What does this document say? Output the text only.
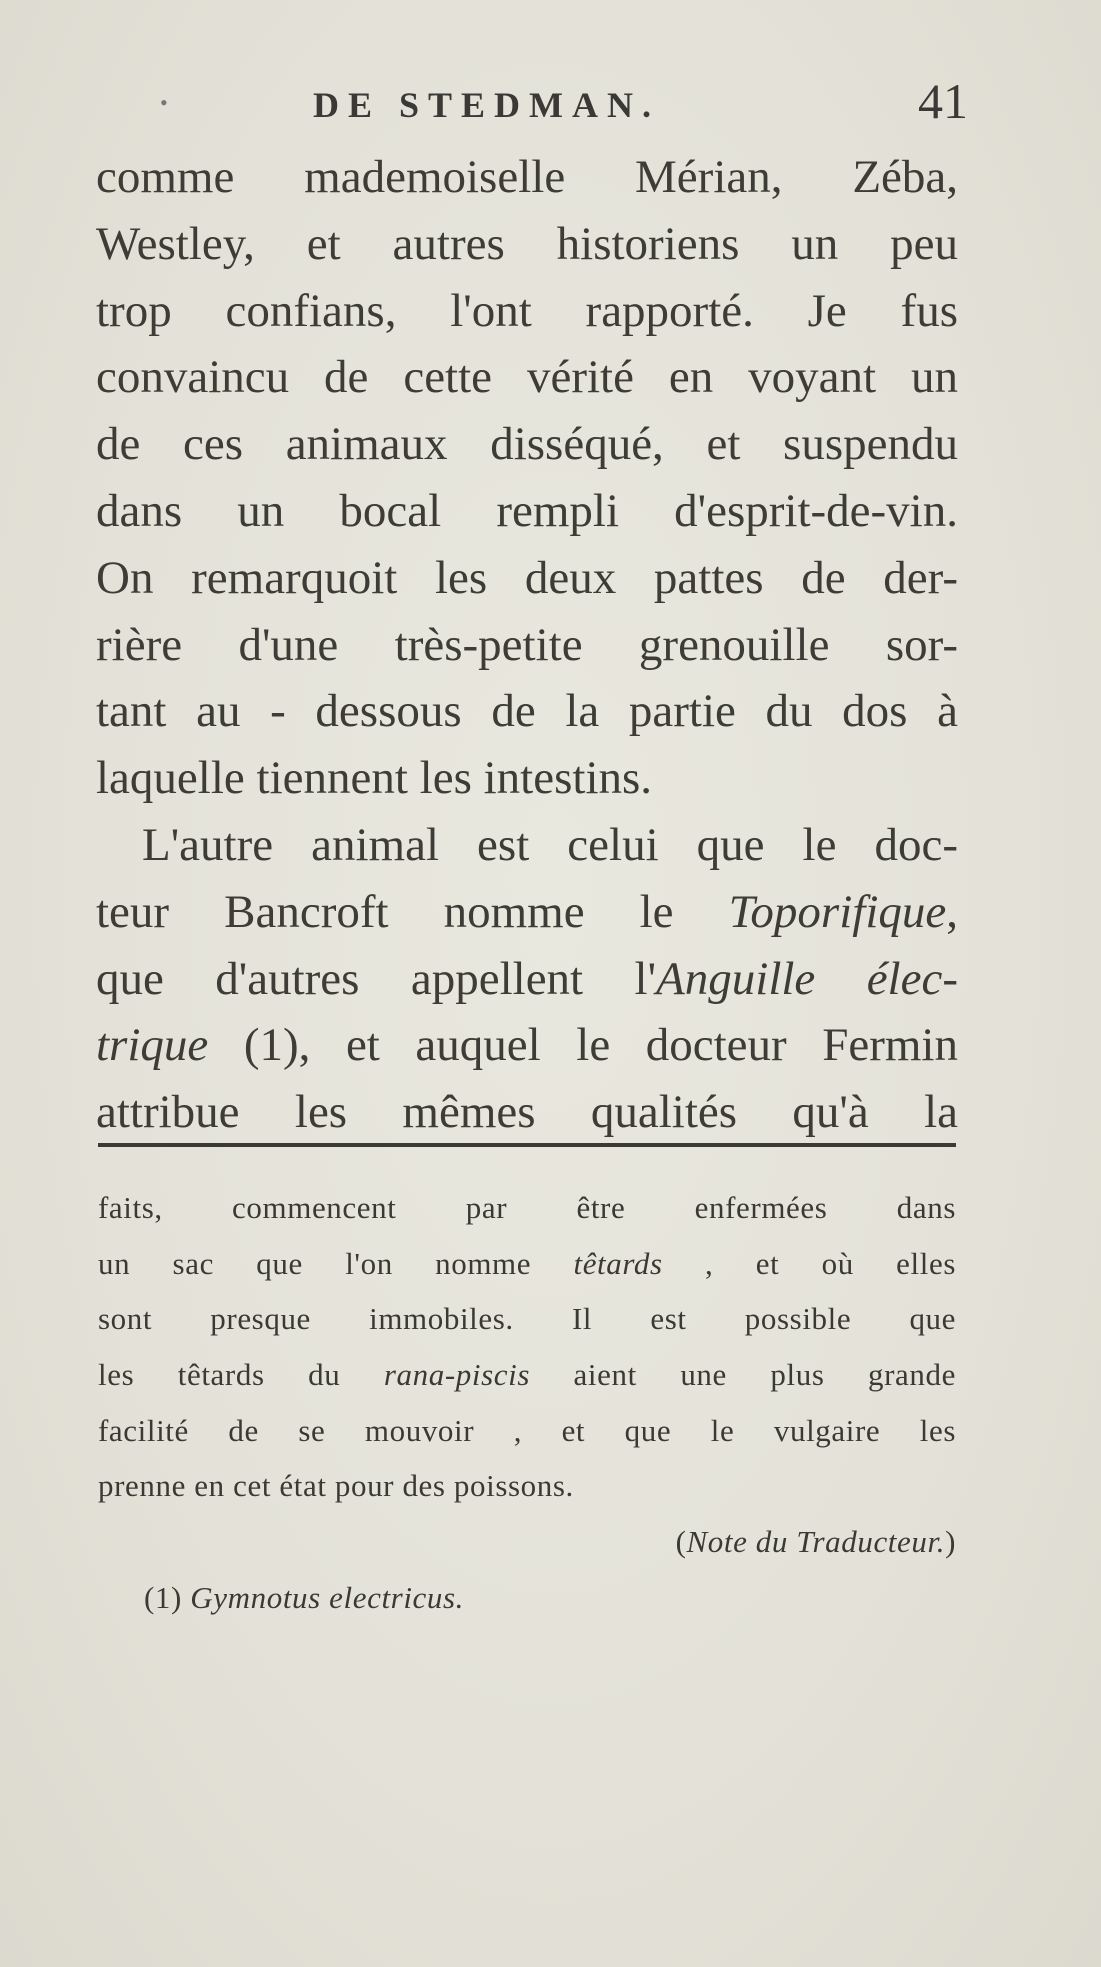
•	DE STEDMAN.	41
comme mademoiselle Mérian, Zéba,
Westley, et autres historiens un peu
trop confians, l'ont rapporté. Je fus
convaincu de cette vérité en voyant un
de ces animaux disséqué, et suspendu
dans un bocal rempli d'esprit-de-vin.
On remarquoit les deux pattes de der-
rière d'une très-petite grenouille sor-
tant au - dessous de la partie du dos à
laquelle tiennent les intestins.
L'autre animal est celui que le doc-
teur Bancroft nomme le Toporifique,
que d'autres appellent l'Anguille élec-
trique (1), et auquel le docteur Fermin
attribue les mêmes qualités qu'à la
faits, commencent par être enfermées dans
un sac que l'on nomme têtards , et où elles
sont presque immobiles. Il est possible que
les têtards du rana-piscis aient une plus grande
facilité de se mouvoir , et que le vulgaire les
prenne en cet état pour des poissons.
(Note du Traducteur.)
(1) Gymnotus electricus.
